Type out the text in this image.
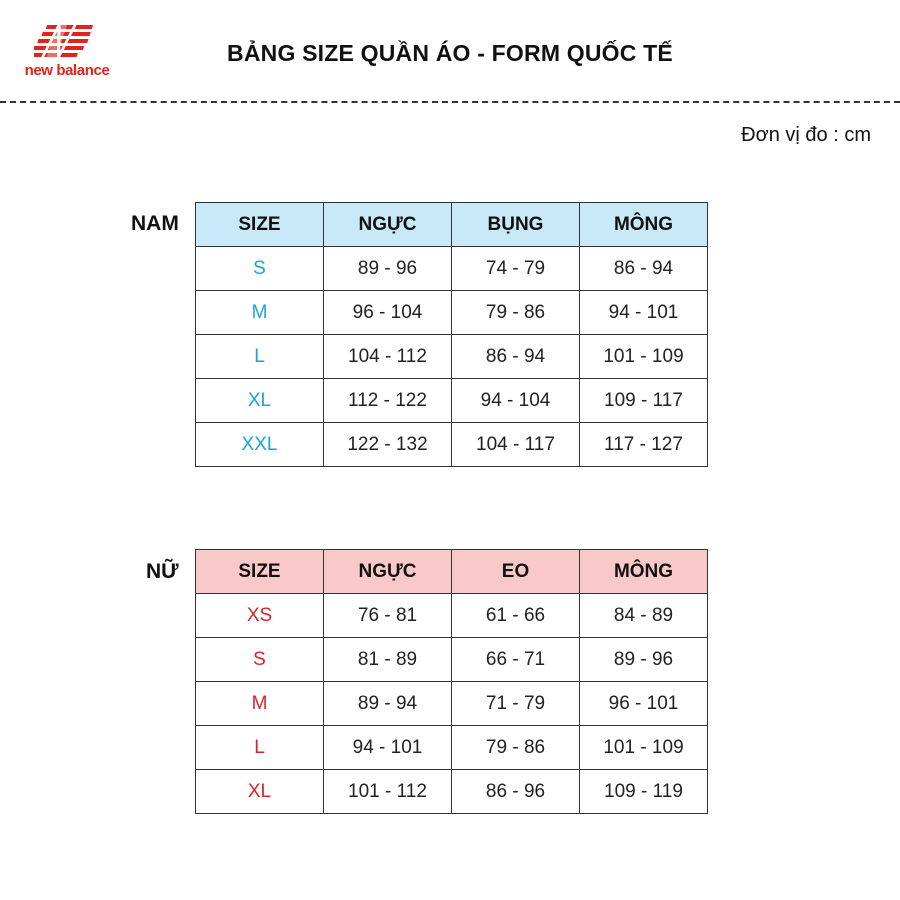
new balance
BẢNG SIZE QUẦN ÁO - FORM QUỐC TẾ
Đơn vị đo : cm
NAM	SIZE	NGỰC	BỤNG	MÔNG
S	89 - 96	74 - 79	86 - 94
M	96 - 104	79 - 86	94 - 101
L	104 - 112	86 - 94	101 - 109
XL	112 - 122	94 - 104	109 - 117
XXL	122 - 132	104 - 117	117 - 127
NỮ	SIZE	NGỰC	EO	MÔNG
XS	76 - 81	61 - 66	84 - 89
S	81 - 89	66 - 71	89 - 96
M	89 - 94	71 - 79	96 - 101
L	94 - 101	79 - 86	101 - 109
XL	101 - 112	86 - 96	109 - 119
